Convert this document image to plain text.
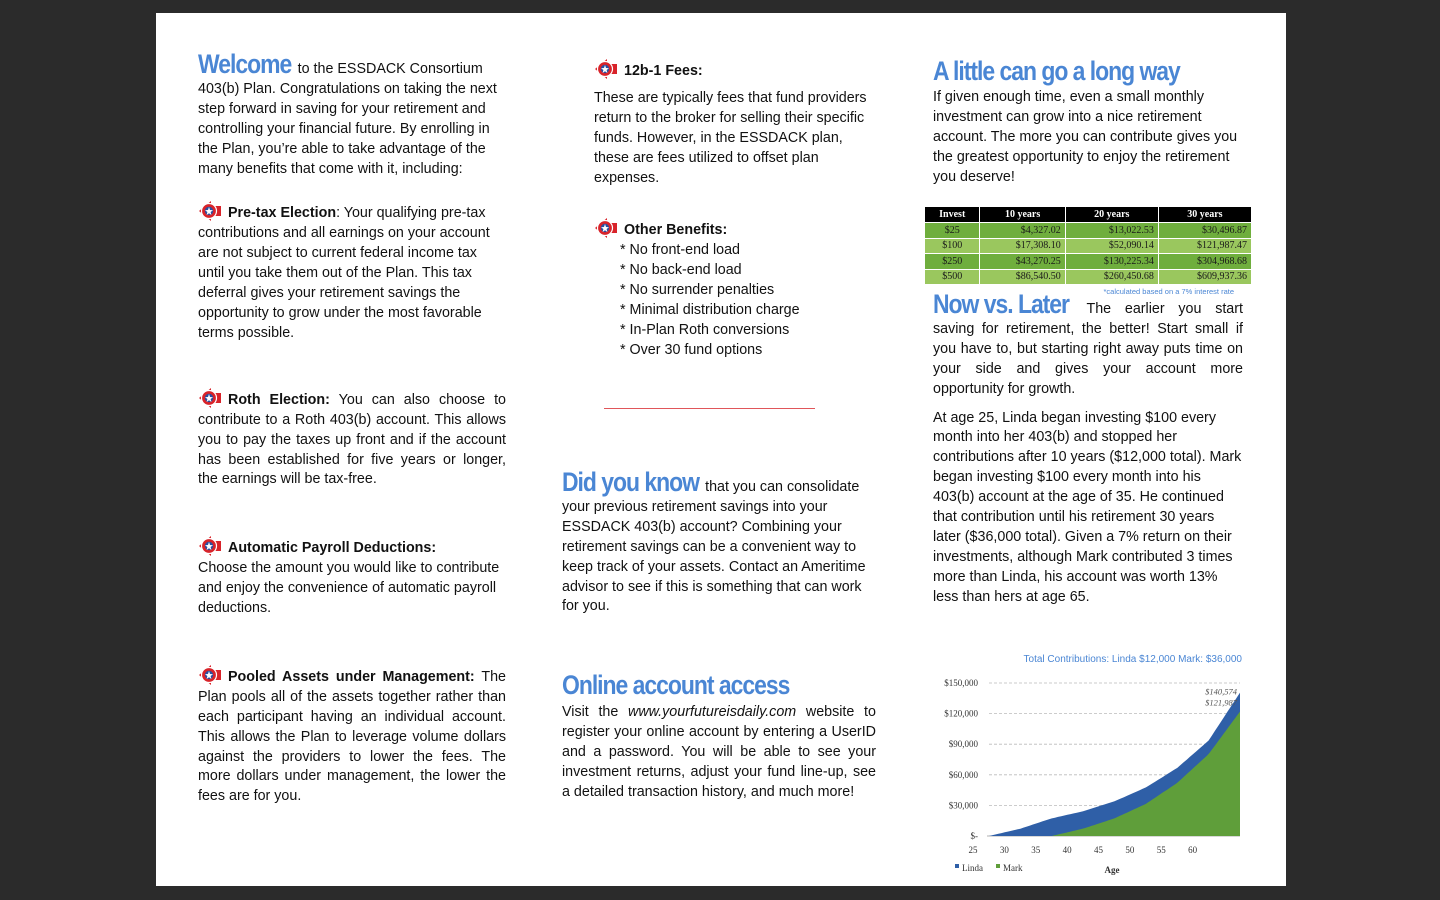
Welcome to the ESSDACK Consortium 403(b) Plan. Congratulations on taking the next step forward in saving for your retirement and controlling your financial future. By enrolling in the Plan, you’re able to take advantage of the many benefits that come with it, including:

Pre-tax Election: Your qualifying pre-tax contributions and all earnings on your account are not subject to current federal income tax until you take them out of the Plan. This tax deferral gives your retirement savings the opportunity to grow under the most favorable terms possible.

Roth Election: You can also choose to contribute to a Roth 403(b) account. This allows you to pay the taxes up front and if the account has been established for five years or longer, the earnings will be tax-free.

Automatic Payroll Deductions:
Choose the amount you would like to contribute and enjoy the convenience of automatic payroll deductions.

Pooled Assets under Management: The Plan pools all of the assets together rather than each participant having an individual account. This allows the Plan to leverage volume dollars against the providers to lower the fees. The more dollars under management, the lower the fees are for you.

12b-1 Fees:

These are typically fees that fund providers return to the broker for selling their specific funds. However, in the ESSDACK plan, these are fees utilized to offset plan expenses.

Other Benefits:
* No front-end load
* No back-end load
* No surrender penalties
* Minimal distribution charge
* In-Plan Roth conversions
* Over 30 fund options

Did you know that you can consolidate your previous retirement savings into your ESSDACK 403(b) account? Combining your retirement savings can be a convenient way to keep track of your assets. Contact an Ameritime advisor to see if this is something that can work for you.

Online account access

Visit the www.yourfutureisdaily.com website to register your online account by entering a UserID and a password. You will be able to see your investment returns, adjust your fund line-up, see a detailed transaction history, and much more!

A little can go a long way

If given enough time, even a small monthly investment can grow into a nice retirement account. The more you can contribute gives you the greatest opportunity to enjoy the retirement you deserve!

Invest	10 years	20 years	30 years
$25	$4,327.02	$13,022.53	$30,496.87
$100	$17,308.10	$52,090.14	$121,987.47
$250	$43,270.25	$130,225.34	$304,968.68
$500	$86,540.50	$260,450.68	$609,937.36
*calculated based on a 7% interest rate

Now vs. Later The earlier you start saving for retirement, the better! Start small if you have to, but starting right away puts time on your side and gives your account more opportunity for growth.

At age 25, Linda began investing $100 every month into her 403(b) and stopped her contributions after 10 years ($12,000 total). Mark began investing $100 every month into his 403(b) account at the age of 35. He continued that contribution until his retirement 30 years later ($36,000 total). Given a 7% return on their investments, although Mark contributed 3 times more than Linda, his account was worth 13% less than hers at age 65.

Total Contributions: Linda $12,000 Mark: $36,000
$150,000
$120,000
$90,000
$60,000
$30,000
$-
25 30 35 40 45 50 55 60
$140,574
$121,987
Linda Mark	Age
